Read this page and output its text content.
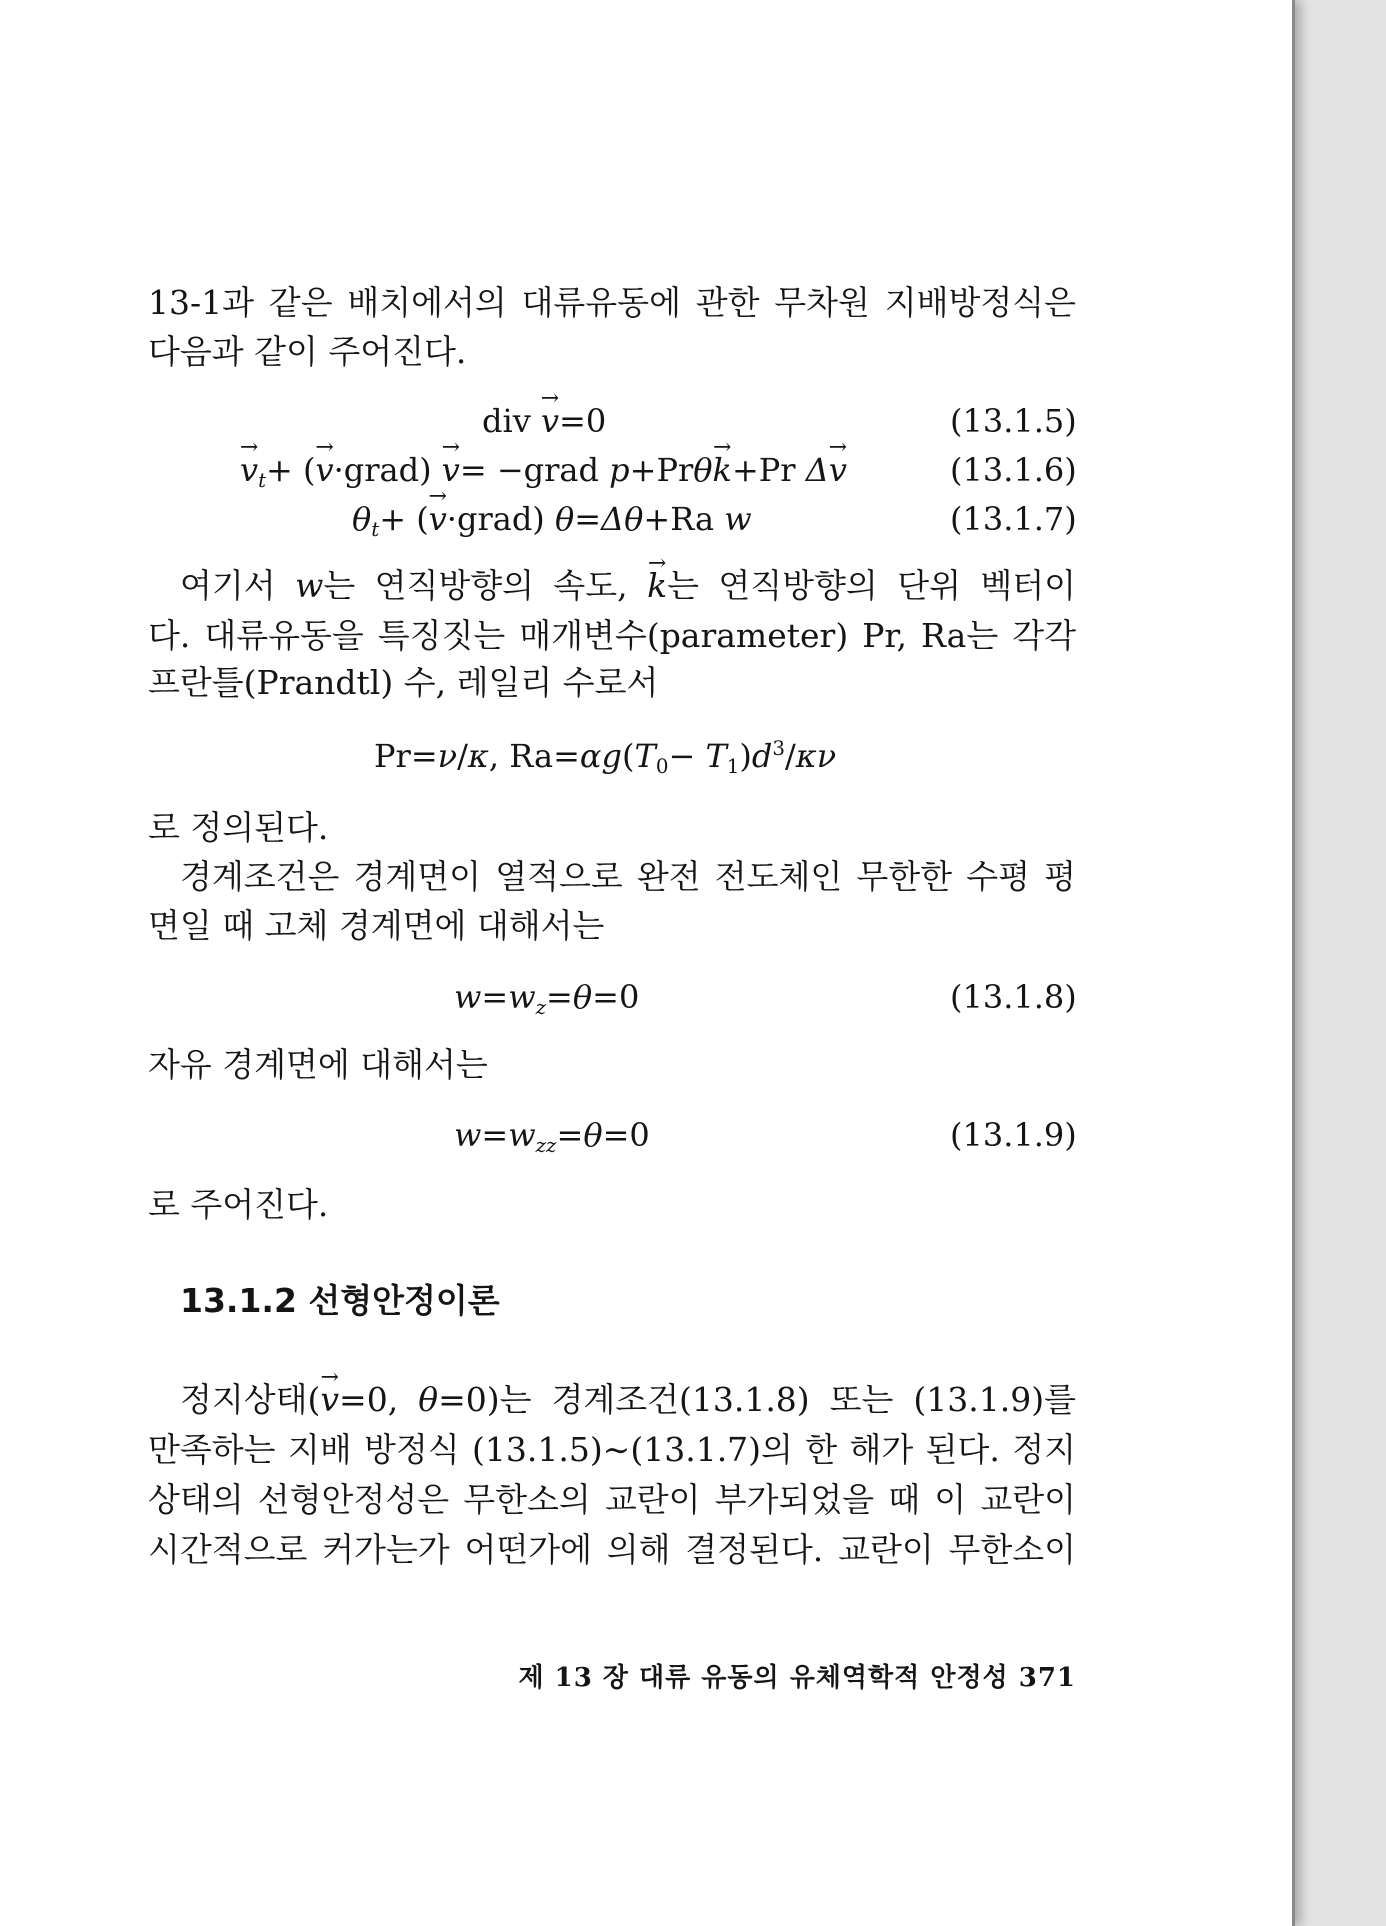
13-1과 같은 배치에서의 대류유동에 관한 무차원 지배방정식은
다음과 같이 주어진다.
div → v=0	(13.1.5)
→ $v_t+$ (→ v·grad) → v= −grad p+Prθ→ k+Pr Δ→ v	(13.1.6)
$\theta_t+$ (→ v·grad) θ=Δθ+Ra w	(13.1.7)
여기서 w는 연직방향의 속도, → k는 연직방향의 단위 벡터이
다. 대류유동을 특징짓는 매개변수(parameter) Pr, Ra는 각각
프란틀(Prandtl) 수, 레일리 수로서
Pr=ν/κ, $Ra=\alpha g(T_0- T_1)d^3/\kappa\nu$
로 정의된다.
경계조건은 경계면이 열적으로 완전 전도체인 무한한 수평 평
면일 때 고체 경계면에 대해서는
$w=w_z=\theta=0$	(13.1.8)
자유 경계면에 대해서는
$w=w_{zz}=\theta=0$	(13.1.9)
로 주어진다.
13.1.2 선형안정이론
정지상태(→ v=0, θ=0)는 경계조건(13.1.8) 또는 (13.1.9)를
만족하는 지배 방정식 (13.1.5)∼(13.1.7)의 한 해가 된다. 정지
상태의 선형안정성은 무한소의 교란이 부가되었을 때 이 교란이
시간적으로 커가는가 어떤가에 의해 결정된다. 교란이 무한소이
제 13 장 대류 유동의 유체역학적 안정성 371
